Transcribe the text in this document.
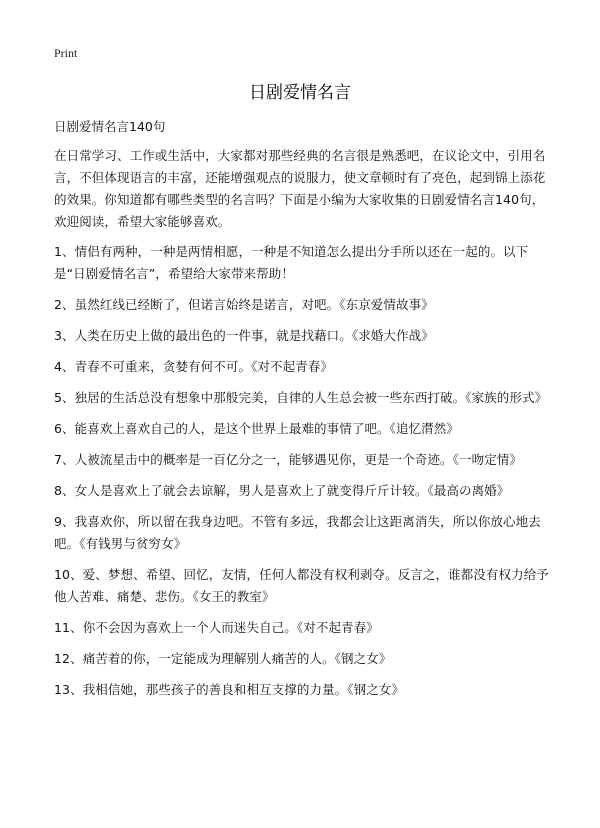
Print
日剧爱情名言

日剧爱情名言140句

在日常学习、工作或生活中，大家都对那些经典的名言很是熟悉吧，在议论文中，引用名言，不但体现语言的丰富，还能增强观点的说服力，使文章顿时有了亮色，起到锦上添花的效果。你知道都有哪些类型的名言吗？下面是小编为大家收集的日剧爱情名言140句，欢迎阅读，希望大家能够喜欢。

1、情侣有两种，一种是两情相愿，一种是不知道怎么提出分手所以还在一起的。以下是“日剧爱情名言”，希望给大家带来帮助！
2、虽然红线已经断了，但诺言始终是诺言，对吧。《东京爱情故事》
3、人类在历史上做的最出色的一件事，就是找藉口。《求婚大作战》
4、青春不可重来，贪婪有何不可。《对不起青春》
5、独居的生活总没有想象中那般完美，自律的人生总会被一些东西打破。《家族的形式》
6、能喜欢上喜欢自己的人，是这个世界上最难的事情了吧。《追忆潸然》
7、人被流星击中的概率是一百亿分之一，能够遇见你，更是一个奇迹。《一吻定情》
8、女人是喜欢上了就会去谅解，男人是喜欢上了就变得斤斤计较。《最高の离婚》
9、我喜欢你，所以留在我身边吧。不管有多远，我都会让这距离消失，所以你放心地去吧。《有钱男与贫穷女》
10、爱、梦想、希望、回忆，友情，任何人都没有权利剥夺。反言之，谁都没有权力给予他人苦难、痛楚、悲伤。《女王的教室》
11、你不会因为喜欢上一个人而迷失自己。《对不起青春》
12、痛苦着的你，一定能成为理解别人痛苦的人。《钢之女》
13、我相信她，那些孩子的善良和相互支撑的力量。《钢之女》
